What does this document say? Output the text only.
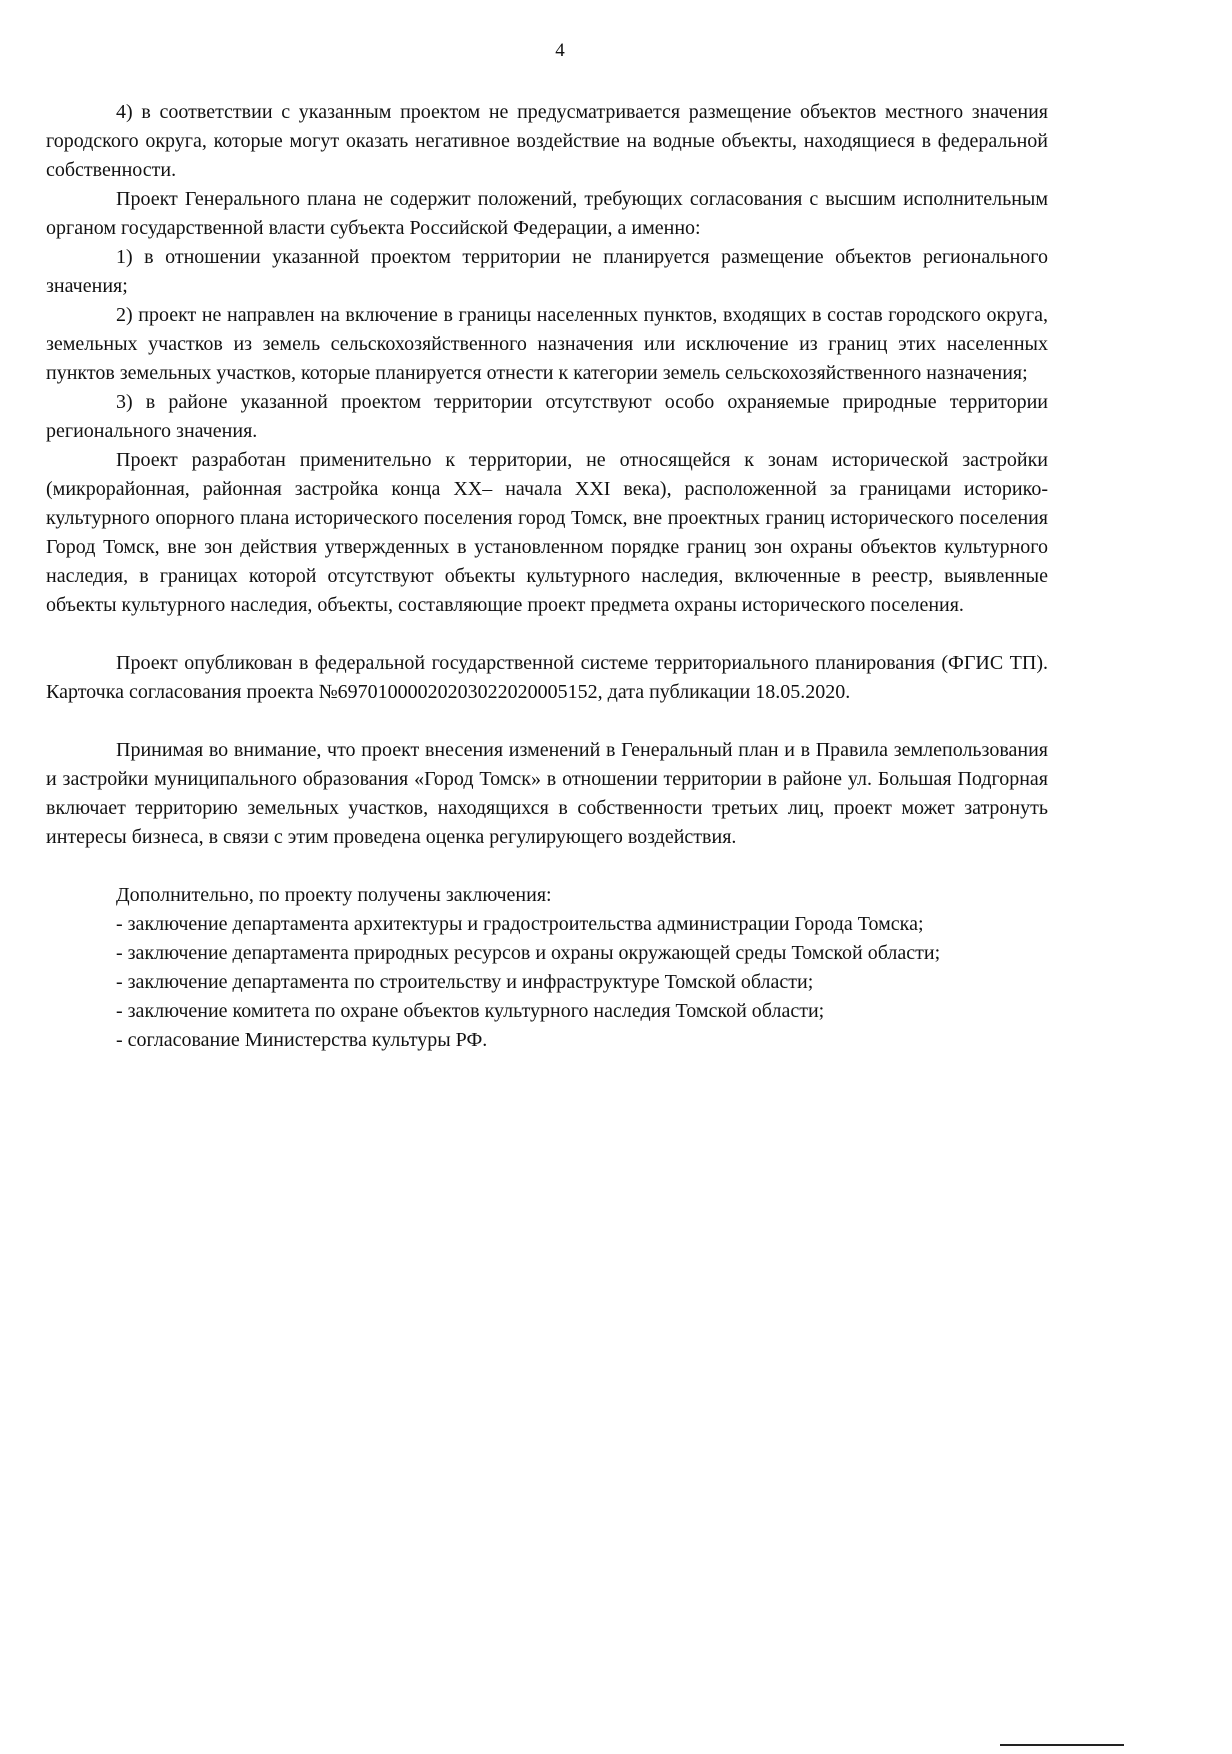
4

4) в соответствии с указанным проектом не предусматривается размещение объектов местного значения городского округа, которые могут оказать негативное воздействие на водные объекты, находящиеся в федеральной собственности.

Проект Генерального плана не содержит положений, требующих согласования с высшим исполнительным органом государственной власти субъекта Российской Федерации, а именно:

1) в отношении указанной проектом территории не планируется размещение объектов регионального значения;

2) проект не направлен на включение в границы населенных пунктов, входящих в состав городского округа, земельных участков из земель сельскохозяйственного назначения или исключение из границ этих населенных пунктов земельных участков, которые планируется отнести к категории земель сельскохозяйственного назначения;

3) в районе указанной проектом территории отсутствуют особо охраняемые природные территории регионального значения.

Проект разработан применительно к территории, не относящейся к зонам исторической застройки (микрорайонная, районная застройка конца XX– начала XXI века), расположенной за границами историко-культурного опорного плана исторического поселения город Томск, вне проектных границ исторического поселения Город Томск, вне зон действия утвержденных в установленном порядке границ зон охраны объектов культурного наследия, в границах которой отсутствуют объекты культурного наследия, включенные в реестр, выявленные объекты культурного наследия, объекты, составляющие проект предмета охраны исторического поселения.

Проект опубликован в федеральной государственной системе территориального планирования (ФГИС ТП). Карточка согласования проекта №69701000020203022020005152, дата публикации 18.05.2020.

Принимая во внимание, что проект внесения изменений в Генеральный план и в Правила землепользования и застройки муниципального образования «Город Томск» в отношении территории в районе ул. Большая Подгорная включает территорию земельных участков, находящихся в собственности третьих лиц, проект может затронуть интересы бизнеса, в связи с этим проведена оценка регулирующего воздействия.

Дополнительно, по проекту получены заключения:

- заключение департамента архитектуры и градостроительства администрации Города Томска;

- заключение департамента природных ресурсов и охраны окружающей среды Томской области;

- заключение департамента по строительству и инфраструктуре Томской области;

- заключение комитета по охране объектов культурного наследия Томской области;

- согласование Министерства культуры РФ.
